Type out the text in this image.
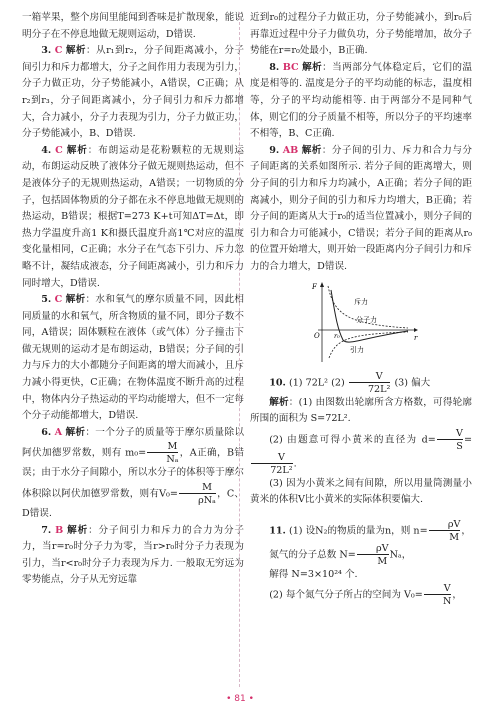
一箱苹果，整个房间里能闻到香味是扩散现象，能说明分子在不停息地做无规则运动，D错误.

3. C 解析：从r₁到r₂，分子间距离减小，分子间引力和斥力都增大，分子之间作用力表现为引力，分子力做正功，分子势能减小，A错误，C正确；从r₂到r₃，分子间距离减小，分子间引力和斥力都增大，合力减小，分子力表现为引力，分子力做正功，分子势能减小，B、D错误.

4. C 解析：布朗运动是花粉颗粒的无规则运动，布朗运动反映了液体分子做无规则热运动，但不是液体分子的无规则热运动，A错误；一切物质的分子，包括固体物质的分子都在永不停息地做无规则的热运动，B错误；根据T=273 K+t可知ΔT=Δt，即热力学温度升高1 K和摄氏温度升高1℃对应的温度变化量相同，C正确；水分子在气态下引力、斥力忽略不计，凝结成液态，分子间距离减小，引力和斥力同时增大，D错误.

5. C 解析：水和氧气的摩尔质量不同，因此相同质量的水和氧气，所含物质的量不同，即分子数不同，A错误；固体颗粒在液体（或气体）分子撞击下做无规则的运动才是布朗运动，B错误；分子间的引力与斥力的大小都随分子间距离的增大而减小，且斥力减小得更快，C正确；在物体温度不断升高的过程中，物体内分子热运动的平均动能增大，但不一定每个分子动能都增大，D错误.

6. A 解析：一个分子的质量等于摩尔质量除以阿伏加德罗常数，则有 $m_0= \frac{M}{\text{Nₐ}}$ ，A正确，B错误；由于水分子间隙小，所以水分子的体积等于摩尔体积除以阿伏加德罗常数，则有$V_0= \frac{M}{\text{ρNₐ}}$ ，C、D错误.

7. B 解析：分子间引力和斥力的合力为分子力，当r=r₀时分子力为零，当r>r₀时分子力表现为引力，当r<r₀时分子力表现为斥力. 一般取无穷远为零势能点，分子从无穷远靠

近到r₀的过程分子力做正功，分子势能减小，到r₀后再靠近过程中分子力做负功，分子势能增加，故分子势能在r=r₀处最小，B正确.

8. BC 解析：当两部分气体稳定后，它们的温度是相等的. 温度是分子的平均动能的标志，温度相等，分子的平均动能相等. 由于两部分不是同种气体，则它们的分子质量不相等，所以分子的平均速率不相等，B、C正确.

9. AB 解析：分子间的引力、斥力和合力与分子间距离的关系如图所示. 若分子间的距离增大，则分子间的引力和斥力均减小，A正确；若分子间的距离减小，则分子间的引力和斥力均增大，B正确；若分子间的距离从大于r₀的适当位置减小，则分子间的引力和合力可能减小，C错误；若分子间的距离从r₀的位置开始增大，则开始一段距离内分子间引力和斥力的合力增大，D错误.

F
r
O r₀
斥力
分子力
引力

10. (1) 72L² $(2) \frac{V}{\text{72L²}} (3)$ 偏大

解析：(1) 由图数出轮廓所含方格数，可得轮廓所围的面积为 S=72L².

(2) 由题意可得小黄米的直径为 $d= \frac{V}{S}$ =
$\frac{V}{\text{72L²}}$ .

(3) 因为小黄米之间有间隙，所以用量筒测量小黄米的体积V比小黄米的实际体积要偏大.

11. (1) 设N₂的物质的量为n，则 $n= \frac{\rho V}{M}$ ，

氮气的分子总数 $N= \frac{\rho V}{M}$ Nₐ，

解得 N=3×10²⁴ 个.

(2) 每个氮气分子所占的空间为 $V_0= \frac{V}{N}$ ，

• 81 •
